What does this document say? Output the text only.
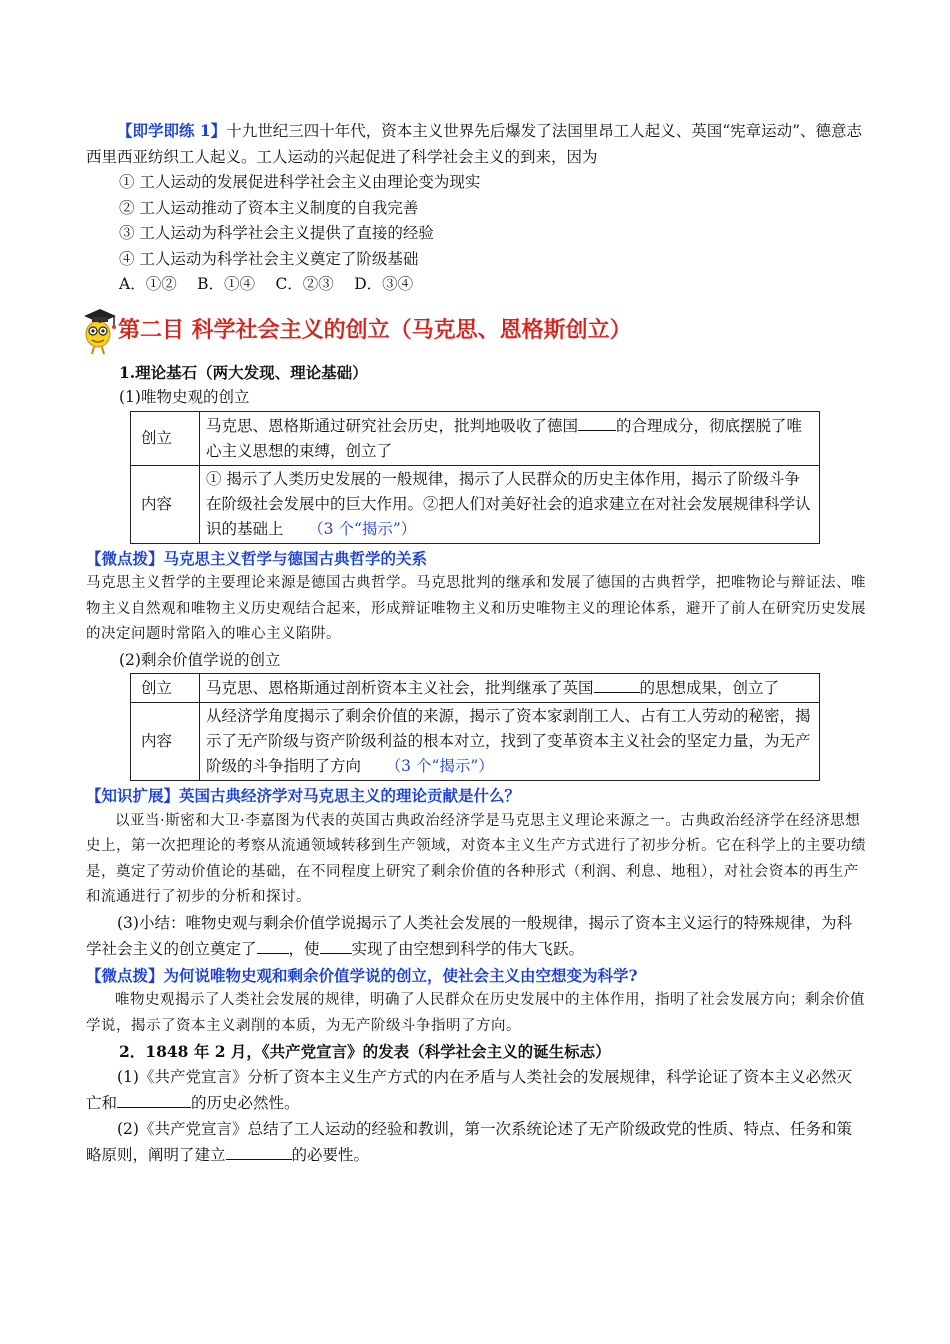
【即学即练 1】十九世纪三四十年代，资本主义世界先后爆发了法国里昂工人起义、英国“宪章运动”、德意志西里西亚纺织工人起义。工人运动的兴起促进了科学社会主义的到来，因为

① 工人运动的发展促进科学社会主义由理论变为现实

② 工人运动推动了资本主义制度的自我完善

③ 工人运动为科学社会主义提供了直接的经验

④ 工人运动为科学社会主义奠定了阶级基础

A．①②　 B．①④　 C．②③　 D．③④

第二目 科学社会主义的创立（马克思、恩格斯创立）

1.理论基石（两大发现、理论基础）

(1)唯物史观的创立

创立	马克思、恩格斯通过研究社会历史，批判地吸收了德国 的合理成分，彻底摆脱了唯心主义思想的束缚，创立了
内容	① 揭示了人类历史发展的一般规律，揭示了人民群众的历史主体作用，揭示了阶级斗争在阶级社会发展中的巨大作用。②把人们对美好社会的追求建立在对社会发展规律科学认识的基础上 （3 个“揭示”）

【微点拨】马克思主义哲学与德国古典哲学的关系

马克思主义哲学的主要理论来源是德国古典哲学。马克思批判的继承和发展了德国的古典哲学，把唯物论与辩证法、唯物主义自然观和唯物主义历史观结合起来，形成辩证唯物主义和历史唯物主义的理论体系，避开了前人在研究历史发展的决定问题时常陷入的唯心主义陷阱。

(2)剩余价值学说的创立

创立	马克思、恩格斯通过剖析资本主义社会，批判继承了英国 的思想成果，创立了
内容	从经济学角度揭示了剩余价值的来源，揭示了资本家剥削工人、占有工人劳动的秘密，揭示了无产阶级与资产阶级利益的根本对立，找到了变革资本主义社会的坚定力量，为无产阶级的斗争指明了方向 （3 个“揭示”）

【知识扩展】英国古典经济学对马克思主义的理论贡献是什么？

以亚当·斯密和大卫·李嘉图为代表的英国古典政治经济学是马克思主义理论来源之一。古典政治经济学在经济思想史上，第一次把理论的考察从流通领域转移到生产领域，对资本主义生产方式进行了初步分析。它在科学上的主要功绩是，奠定了劳动价值论的基础，在不同程度上研究了剩余价值的各种形式（利润、利息、地租），对社会资本的再生产和流通进行了初步的分析和探讨。

(3)小结：唯物史观与剩余价值学说揭示了人类社会发展的一般规律，揭示了资本主义运行的特殊规律，为科学社会主义的创立奠定了 ，使 实现了由空想到科学的伟大飞跃。

【微点拨】为何说唯物史观和剩余价值学说的创立，使社会主义由空想变为科学?

唯物史观揭示了人类社会发展的规律，明确了人民群众在历史发展中的主体作用，指明了社会发展方向；剩余价值学说，揭示了资本主义剥削的本质，为无产阶级斗争指明了方向。

2．1848 年 2 月，《共产党宣言》的发表（科学社会主义的诞生标志）

(1)《共产党宣言》分析了资本主义生产方式的内在矛盾与人类社会的发展规律，科学论证了资本主义必然灭亡和	的历史必然性。

(2)《共产党宣言》总结了工人运动的经验和教训，第一次系统论述了无产阶级政党的性质、特点、任务和策略原则，阐明了建立	的必要性。
